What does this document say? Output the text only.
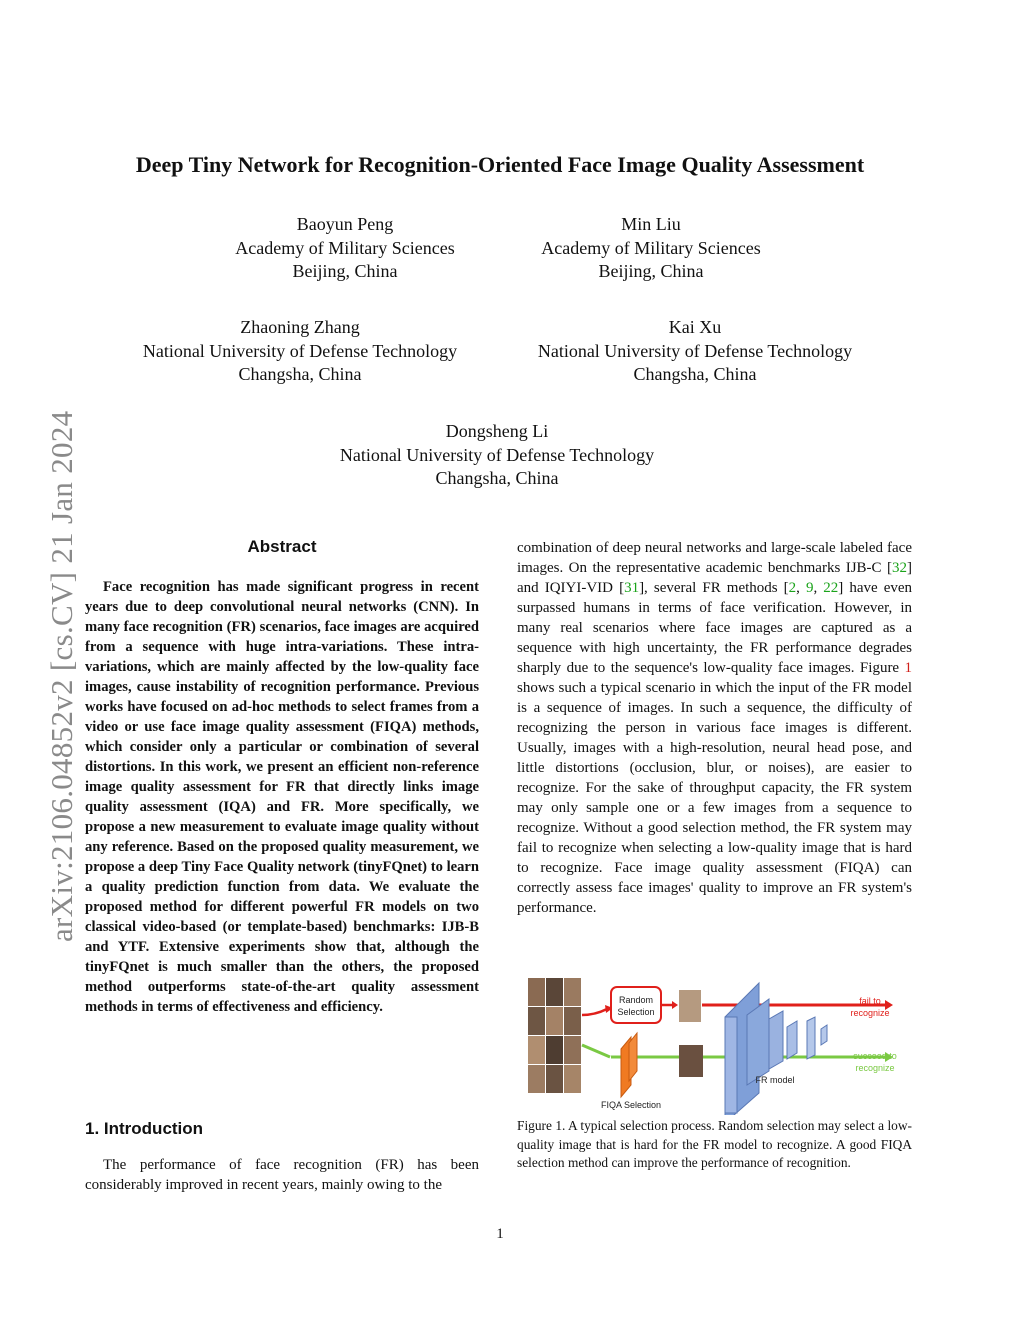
arXiv:2106.04852v2 [cs.CV] 21 Jan 2024
Deep Tiny Network for Recognition-Oriented Face Image Quality Assessment
Baoyun Peng
Academy of Military Sciences
Beijing, China
Min Liu
Academy of Military Sciences
Beijing, China
Zhaoning Zhang
National University of Defense Technology
Changsha, China
Kai Xu
National University of Defense Technology
Changsha, China
Dongsheng Li
National University of Defense Technology
Changsha, China
Abstract

Face recognition has made significant progress in recent years due to deep convolutional neural networks (CNN). In many face recognition (FR) scenarios, face images are acquired from a sequence with huge intra-variations. These intra-variations, which are mainly affected by the low-quality face images, cause instability of recognition performance. Previous works have focused on ad-hoc methods to select frames from a video or use face image quality assessment (FIQA) methods, which consider only a particular or combination of several distortions. In this work, we present an efficient non-reference image quality assessment for FR that directly links image quality assessment (IQA) and FR. More specifically, we propose a new measurement to evaluate image quality without any reference. Based on the proposed quality measurement, we propose a deep Tiny Face Quality network (tinyFQnet) to learn a quality prediction function from data. We evaluate the proposed method for different powerful FR models on two classical video-based (or template-based) benchmarks: IJB-B and YTF. Extensive experiments show that, although the tinyFQnet is much smaller than the others, the proposed method outperforms state-of-the-art quality assessment methods in terms of effectiveness and efficiency.

1. Introduction

The performance of face recognition (FR) has been considerably improved in recent years, mainly owing to the

combination of deep neural networks and large-scale labeled face images. On the representative academic benchmarks IJB-C [32] and IQIYI-VID [31], several FR methods [2, 9, 22] have even surpassed humans in terms of face verification. However, in many real scenarios where face images are captured as a sequence with high uncertainty, the FR performance degrades sharply due to the sequence's low-quality face images. Figure 1 shows such a typical scenario in which the input of the FR model is a sequence of images. In such a sequence, the difficulty of recognizing the person in various face images is different. Usually, images with a high-resolution, neural head pose, and little distortions (occlusion, blur, or noises), are easier to recognize. For the sake of throughput capacity, the FR system may only sample one or a few images from a sequence to recognize. Without a good selection method, the FR system may fail to recognize when selecting a low-quality image that is hard to recognize. Face image quality assessment (FIQA) can correctly assess face images' quality to improve an FR system's performance.

Random
Selection
fail to
recognize
succeed to
recognize
FR model
FIQA Selection
Figure 1. A typical selection process. Random selection may select a low-quality image that is hard for the FR model to recognize. A good FIQA selection method can improve the performance of recognition.
1
